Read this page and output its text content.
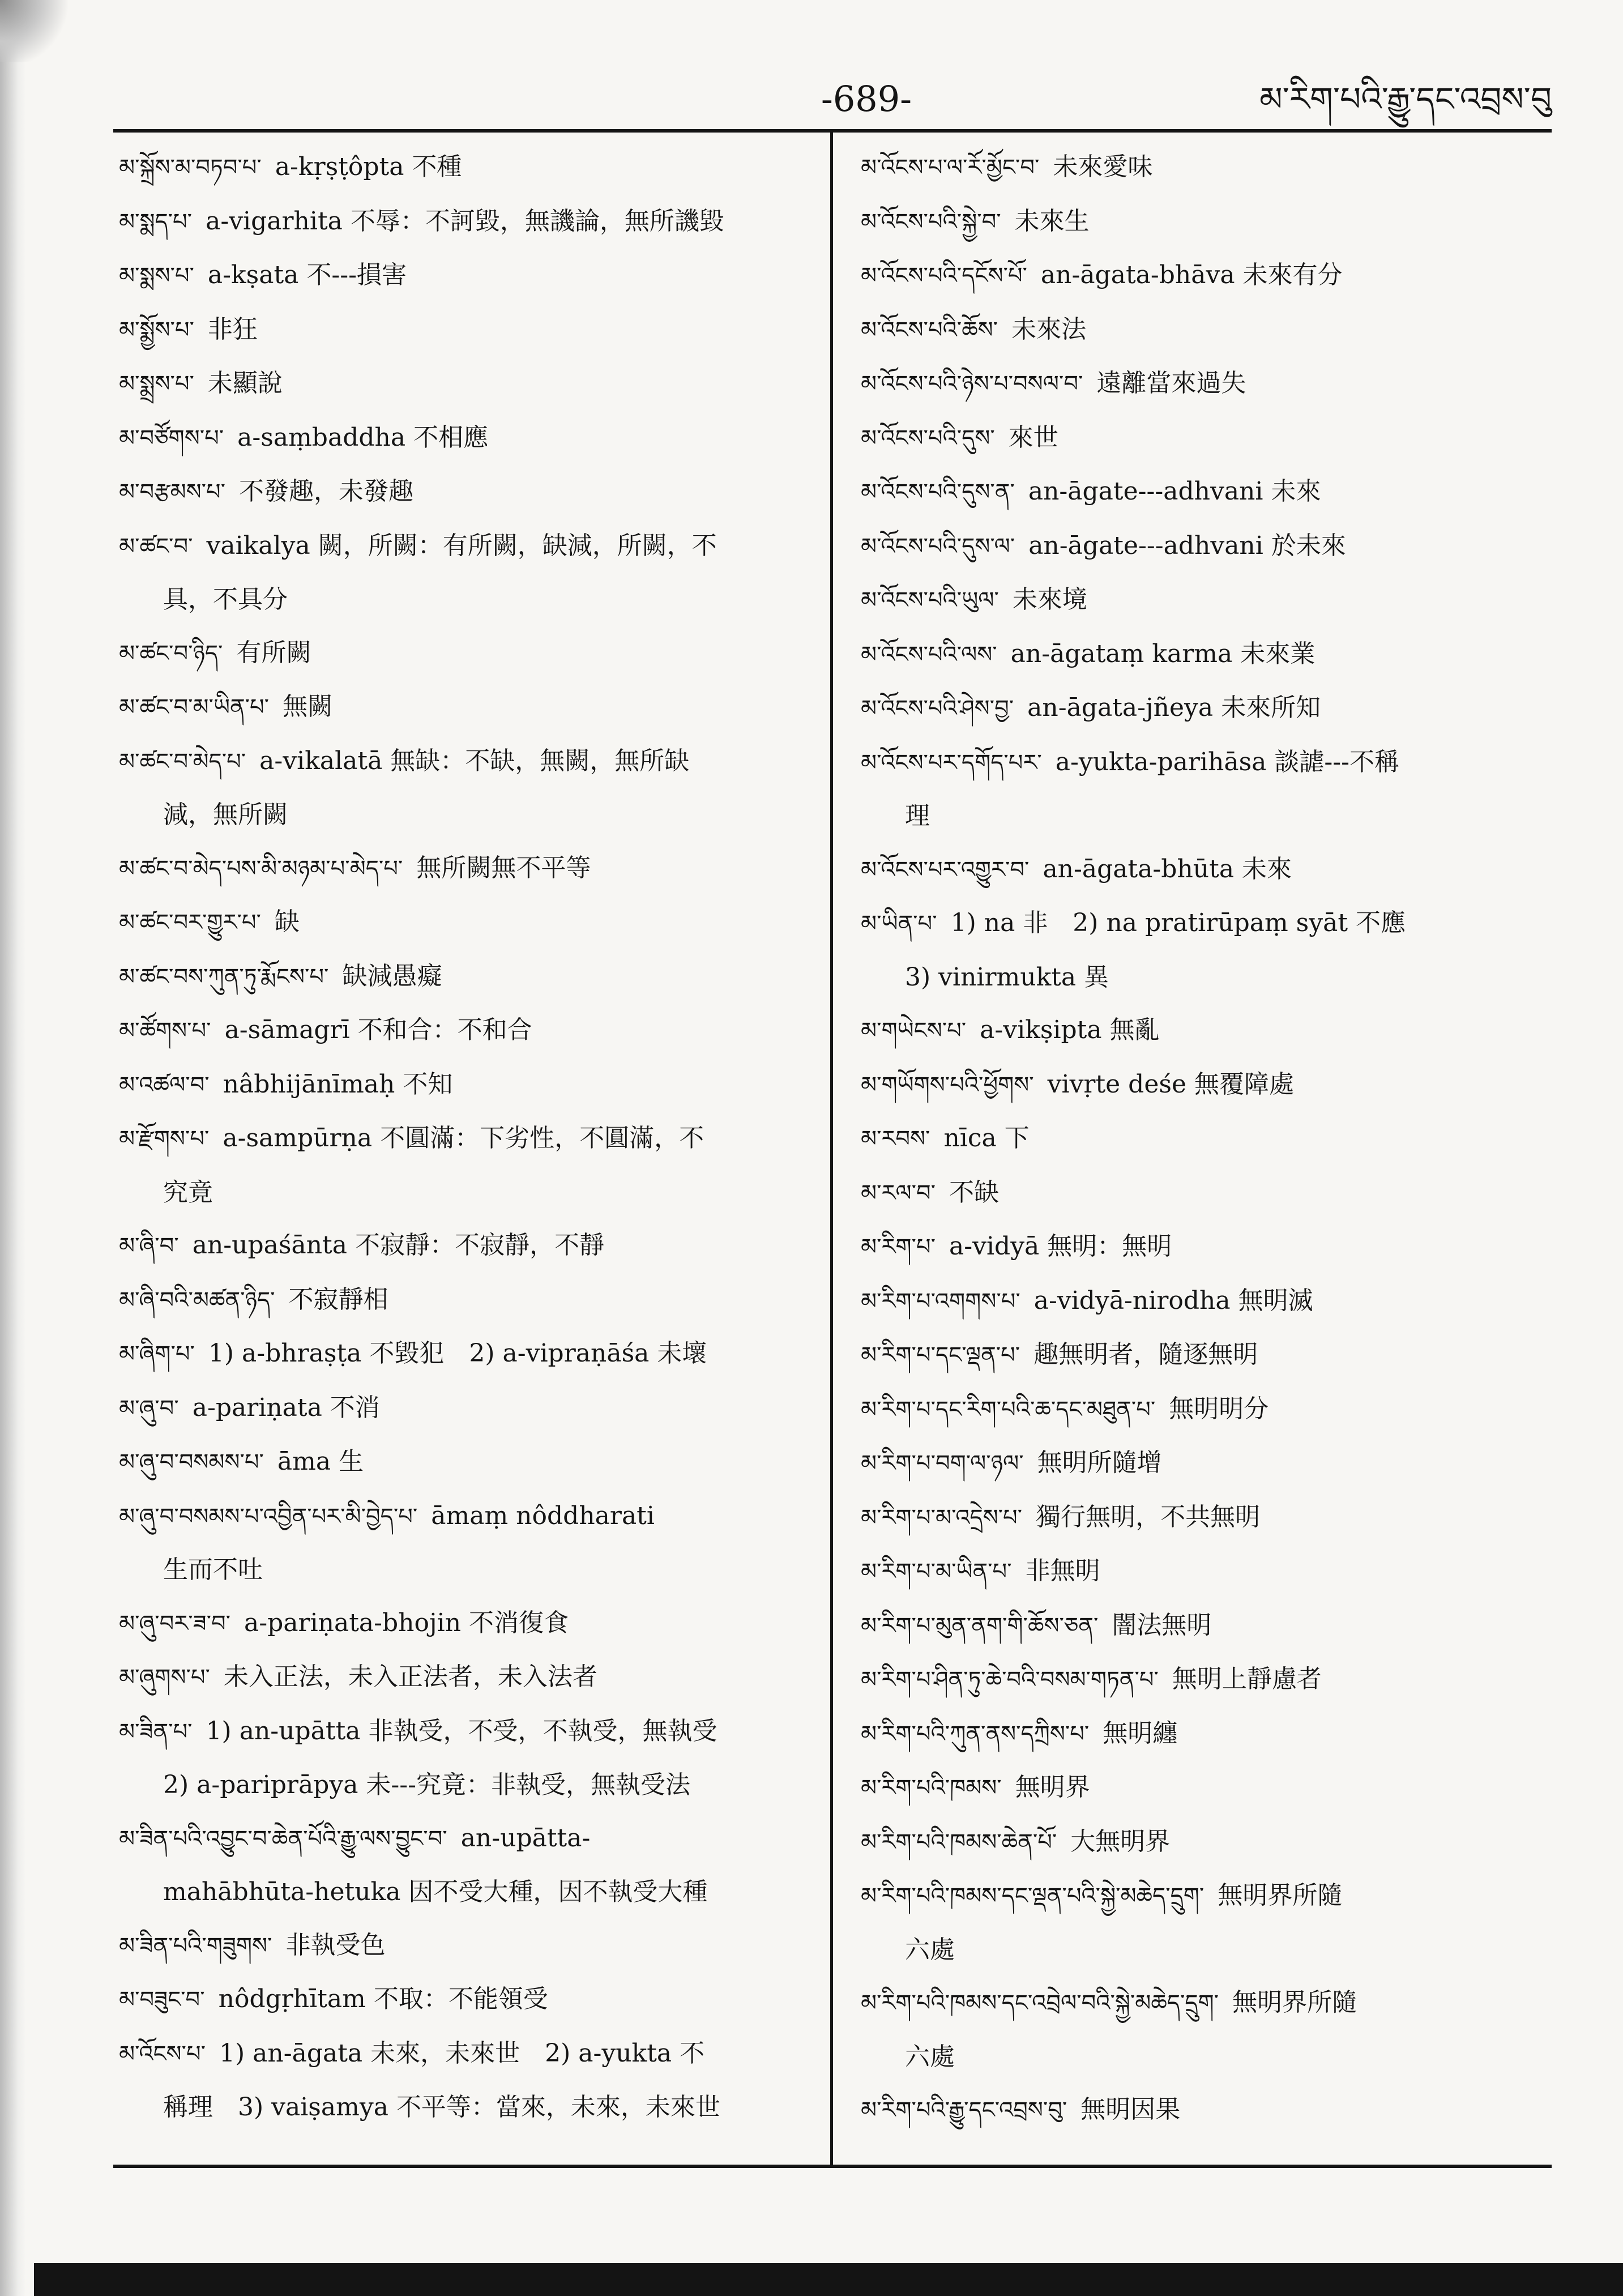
-689-	མ་རིག་པའི་རྒྱུ་དང་འབྲས་བུ
མ་སྐྲོས་མ་བཏབ་པ་ a-kṛṣṭôpta 不種
མ་སྨད་པ་ a-vigarhita 不辱：不訶毀，無譏論，無所譏毀
མ་སྨས་པ་ a-kṣata 不---損害
མ་སྨྱོས་པ་ 非狂
མ་སྨྲས་པ་ 未顯說
མ་བཙོགས་པ་ a-saṃbaddha 不相應
མ་བརྩམས་པ་ 不發趣，未發趣
མ་ཚང་བ་ vaikalya 闕，所闕：有所闕，缺減，所闕，不
具，不具分
མ་ཚང་བ་ཉིད་ 有所闕
མ་ཚང་བ་མ་ཡིན་པ་ 無闕
མ་ཚང་བ་མེད་པ་ a-vikalatā 無缺：不缺，無闕，無所缺
減，無所闕
མ་ཚང་བ་མེད་པས་མི་མཉམ་པ་མེད་པ་ 無所闕無不平等
མ་ཚང་བར་གྱུར་པ་ 缺
མ་ཚང་བས་ཀུན་ཏུ་རྨོངས་པ་ 缺減愚癡
མ་ཚོགས་པ་ a-sāmagrī 不和合：不和合
མ་འཚལ་བ་ nâbhijānīmaḥ 不知
མ་རྫོགས་པ་ a-sampūrṇa 不圓滿：下劣性，不圓滿，不
究竟
མ་ཞི་བ་ an-upaśānta 不寂靜：不寂靜，不靜
མ་ཞི་བའི་མཚན་ཉིད་ 不寂靜相
མ་ཞིག་པ་ 1) a-bhraṣṭa 不毀犯　2) a-vipraṇāśa 未壞
མ་ཞུ་བ་ a-pariṇata 不消
མ་ཞུ་བ་བསམས་པ་ āma 生
མ་ཞུ་བ་བསམས་པ་འབྱིན་པར་མི་བྱེད་པ་ āmaṃ nôddharati
生而不吐
མ་ཞུ་བར་ཟ་བ་ a-pariṇata-bhojin 不消復食
མ་ཞུགས་པ་ 未入正法，未入正法者，未入法者
མ་ཟིན་པ་ 1) an-upātta 非執受，不受，不執受，無執受
2) a-pariprāpya 未---究竟：非執受，無執受法
མ་ཟིན་པའི་འབྱུང་བ་ཆེན་པོའི་རྒྱུ་ལས་བྱུང་བ་ an-upātta-
mahābhūta-hetuka 因不受大種，因不執受大種
མ་ཟིན་པའི་གཟུགས་ 非執受色
མ་བཟུང་བ་ nôdgṛhītam 不取：不能領受
མ་འོངས་པ་ 1) an-āgata 未來，未來世　2) a-yukta 不
稱理　3) vaiṣamya 不平等：當來，未來，未來世
མ་འོངས་པ་ལ་རོ་མྱོང་བ་ 未來愛味
མ་འོངས་པའི་སྐྱེ་བ་ 未來生
མ་འོངས་པའི་དངོས་པོ་ an-āgata-bhāva 未來有分
མ་འོངས་པའི་ཆོས་ 未來法
མ་འོངས་པའི་ཉེས་པ་བསལ་བ་ 遠離當來過失
མ་འོངས་པའི་དུས་ 來世
མ་འོངས་པའི་དུས་ན་ an-āgate---adhvani 未來
མ་འོངས་པའི་དུས་ལ་ an-āgate---adhvani 於未來
མ་འོངས་པའི་ཡུལ་ 未來境
མ་འོངས་པའི་ལས་ an-āgataṃ karma 未來業
མ་འོངས་པའི་ཤེས་བྱ་ an-āgata-jñeya 未來所知
མ་འོངས་པར་དགོད་པར་ a-yukta-parihāsa 談謔---不稱
理
མ་འོངས་པར་འགྱུར་བ་ an-āgata-bhūta 未來
མ་ཡིན་པ་ 1) na 非　2) na pratirūpaṃ syāt 不應
3) vinirmukta 異
མ་གཡེངས་པ་ a-vikṣipta 無亂
མ་གཡོགས་པའི་ཕྱོགས་ vivṛte deśe 無覆障處
མ་རབས་ nīca 下
མ་རལ་བ་ 不缺
མ་རིག་པ་ a-vidyā 無明：無明
མ་རིག་པ་འགགས་པ་ a-vidyā-nirodha 無明滅
མ་རིག་པ་དང་ལྡན་པ་ 趣無明者，隨逐無明
མ་རིག་པ་དང་རིག་པའི་ཆ་དང་མཐུན་པ་ 無明明分
མ་རིག་པ་བག་ལ་ཉལ་ 無明所隨增
མ་རིག་པ་མ་འདྲེས་པ་ 獨行無明，不共無明
མ་རིག་པ་མ་ཡིན་པ་ 非無明
མ་རིག་པ་མུན་ནག་གི་ཆོས་ཅན་ 闇法無明
མ་རིག་པ་ཤིན་ཏུ་ཆེ་བའི་བསམ་གཏན་པ་ 無明上靜慮者
མ་རིག་པའི་ཀུན་ནས་དཀྲིས་པ་ 無明纏
མ་རིག་པའི་ཁམས་ 無明界
མ་རིག་པའི་ཁམས་ཆེན་པོ་ 大無明界
མ་རིག་པའི་ཁམས་དང་ལྡན་པའི་སྐྱེ་མཆེད་དྲུག་ 無明界所隨
六處
མ་རིག་པའི་ཁམས་དང་འབྲེལ་བའི་སྐྱེ་མཆེད་དྲུག་ 無明界所隨
六處
མ་རིག་པའི་རྒྱུ་དང་འབྲས་བུ་ 無明因果
